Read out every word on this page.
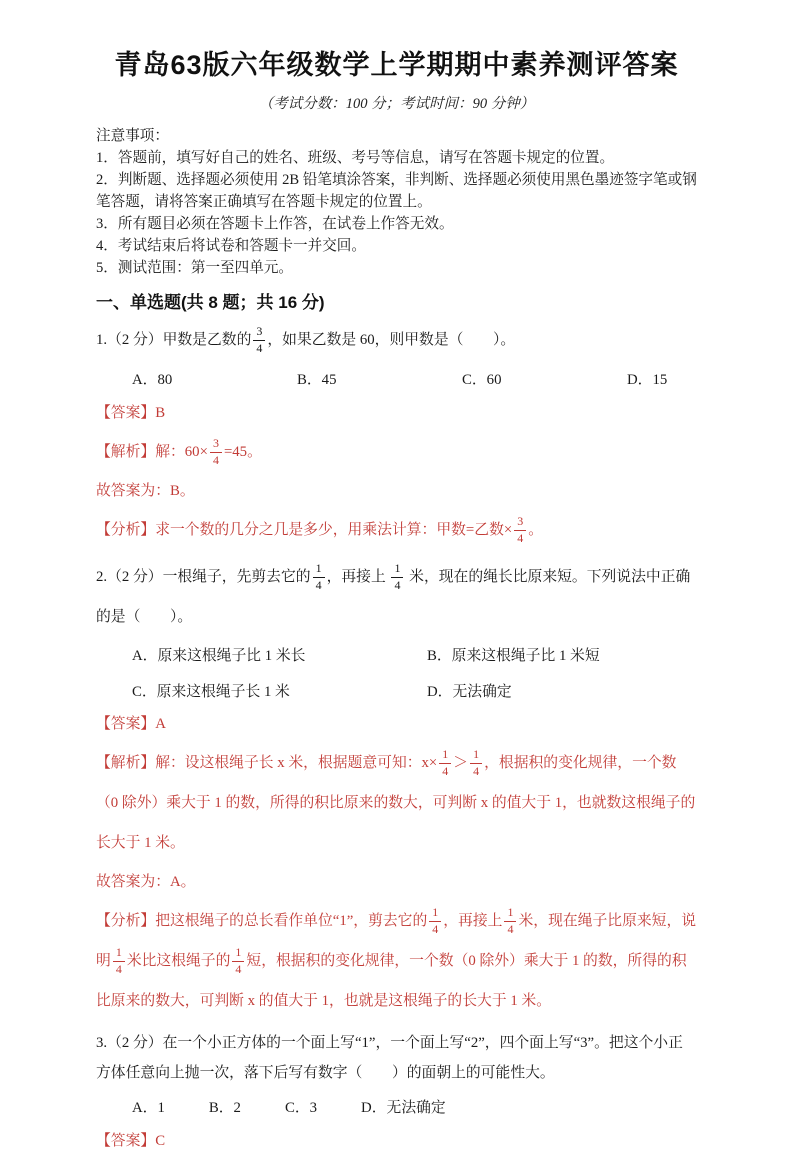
青岛63版六年级数学上学期期中素养测评答案
（考试分数：100 分；考试时间：90 分钟）

注意事项：

1．答题前，填写好自己的姓名、班级、考号等信息，请写在答题卡规定的位置。

2．判断题、选择题必须使用 2B 铅笔填涂答案，非判断、选择题必须使用黑色墨迹签字笔或钢笔答题，请将答案正确填写在答题卡规定的位置上。

3．所有题目必须在答题卡上作答，在试卷上作答无效。

4．考试结束后将试卷和答题卡一并交回。

5．测试范围：第一至四单元。

一、单选题(共 8 题；共 16 分)

1.（2 分）甲数是乙数的 $\frac{3}{4}$ ，如果乙数是 60，则甲数是（　　）。

A．80	B．45	C．60	D．15

【答案】B

【解析】解：$60\times \frac{3}{4} =45$。

故答案为：B。

【分析】求一个数的几分之几是多少，用乘法计算：甲数=乙数× $\frac{3}{4}$ 。

2.（2 分）一根绳子，先剪去它的 $\frac{1}{4}$ ，再接上 $\frac{1}{4}$ 米，现在的绳长比原来短。下列说法中正确的是（　　）。

A．原来这根绳子比 1 米长	B．原来这根绳子比 1 米短
C．原来这根绳子长 1 米	D．无法确定

【答案】A

【解析】解：设这根绳子长 x 米，根据题意可知：$x\times \frac{1}{4} > \frac{1}{4}$ ，根据积的变化规律，一个数（0 除外）乘大于 1 的数，所得的积比原来的数大，可判断 x 的值大于 1，也就数这根绳子的长大于 1 米。

故答案为：A。

【分析】把这根绳子的总长看作单位“1”，剪去它的 $\frac{1}{4}$ ，再接上 $\frac{1}{4}$ 米，现在绳子比原来短，说明 $\frac{1}{4}$ 米比这根绳子的 $\frac{1}{4}$ 短，根据积的变化规律，一个数（0 除外）乘大于 1 的数，所得的积比原来的数大，可判断 x 的值大于 1，也就是这根绳子的长大于 1 米。

3.（2 分）在一个小正方体的一个面上写“1”，一个面上写“2”，四个面上写“3”。把这个小正方体任意向上抛一次，落下后写有数字（　　）的面朝上的可能性大。

A．1	B．2	C．3	D．无法确定

【答案】C
